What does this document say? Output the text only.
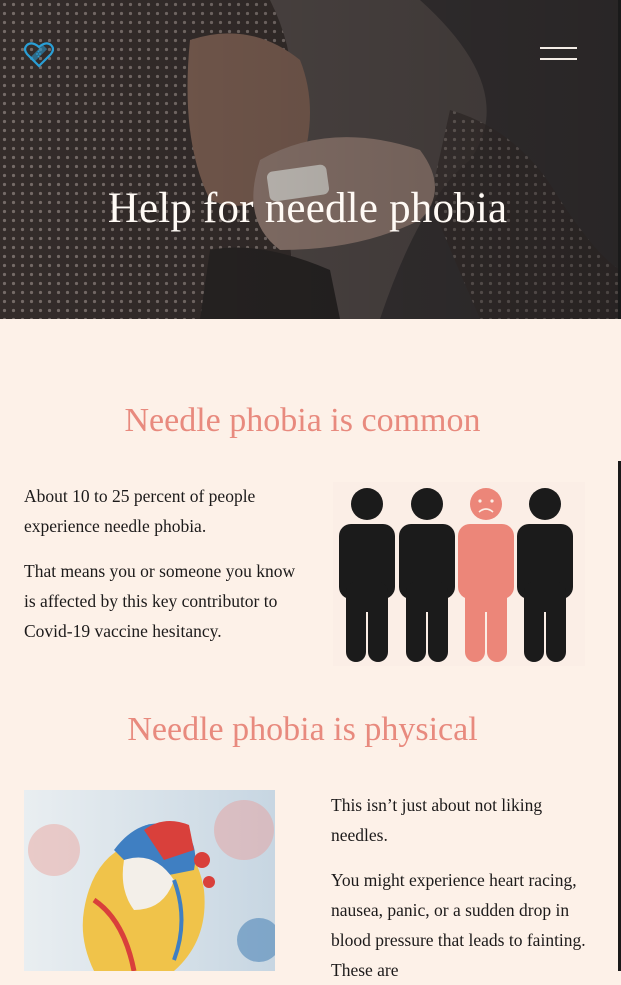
Help for needle phobia
Needle phobia is common

About 10 to 25 percent of people experience needle phobia.

That means you or someone you know is affected by this key contributor to Covid-19 vaccine hesitancy.

Needle phobia is physical

This isn’t just about not liking needles.

You might experience heart racing, nausea, panic, or a sudden drop in blood pressure that leads to fainting. These are
